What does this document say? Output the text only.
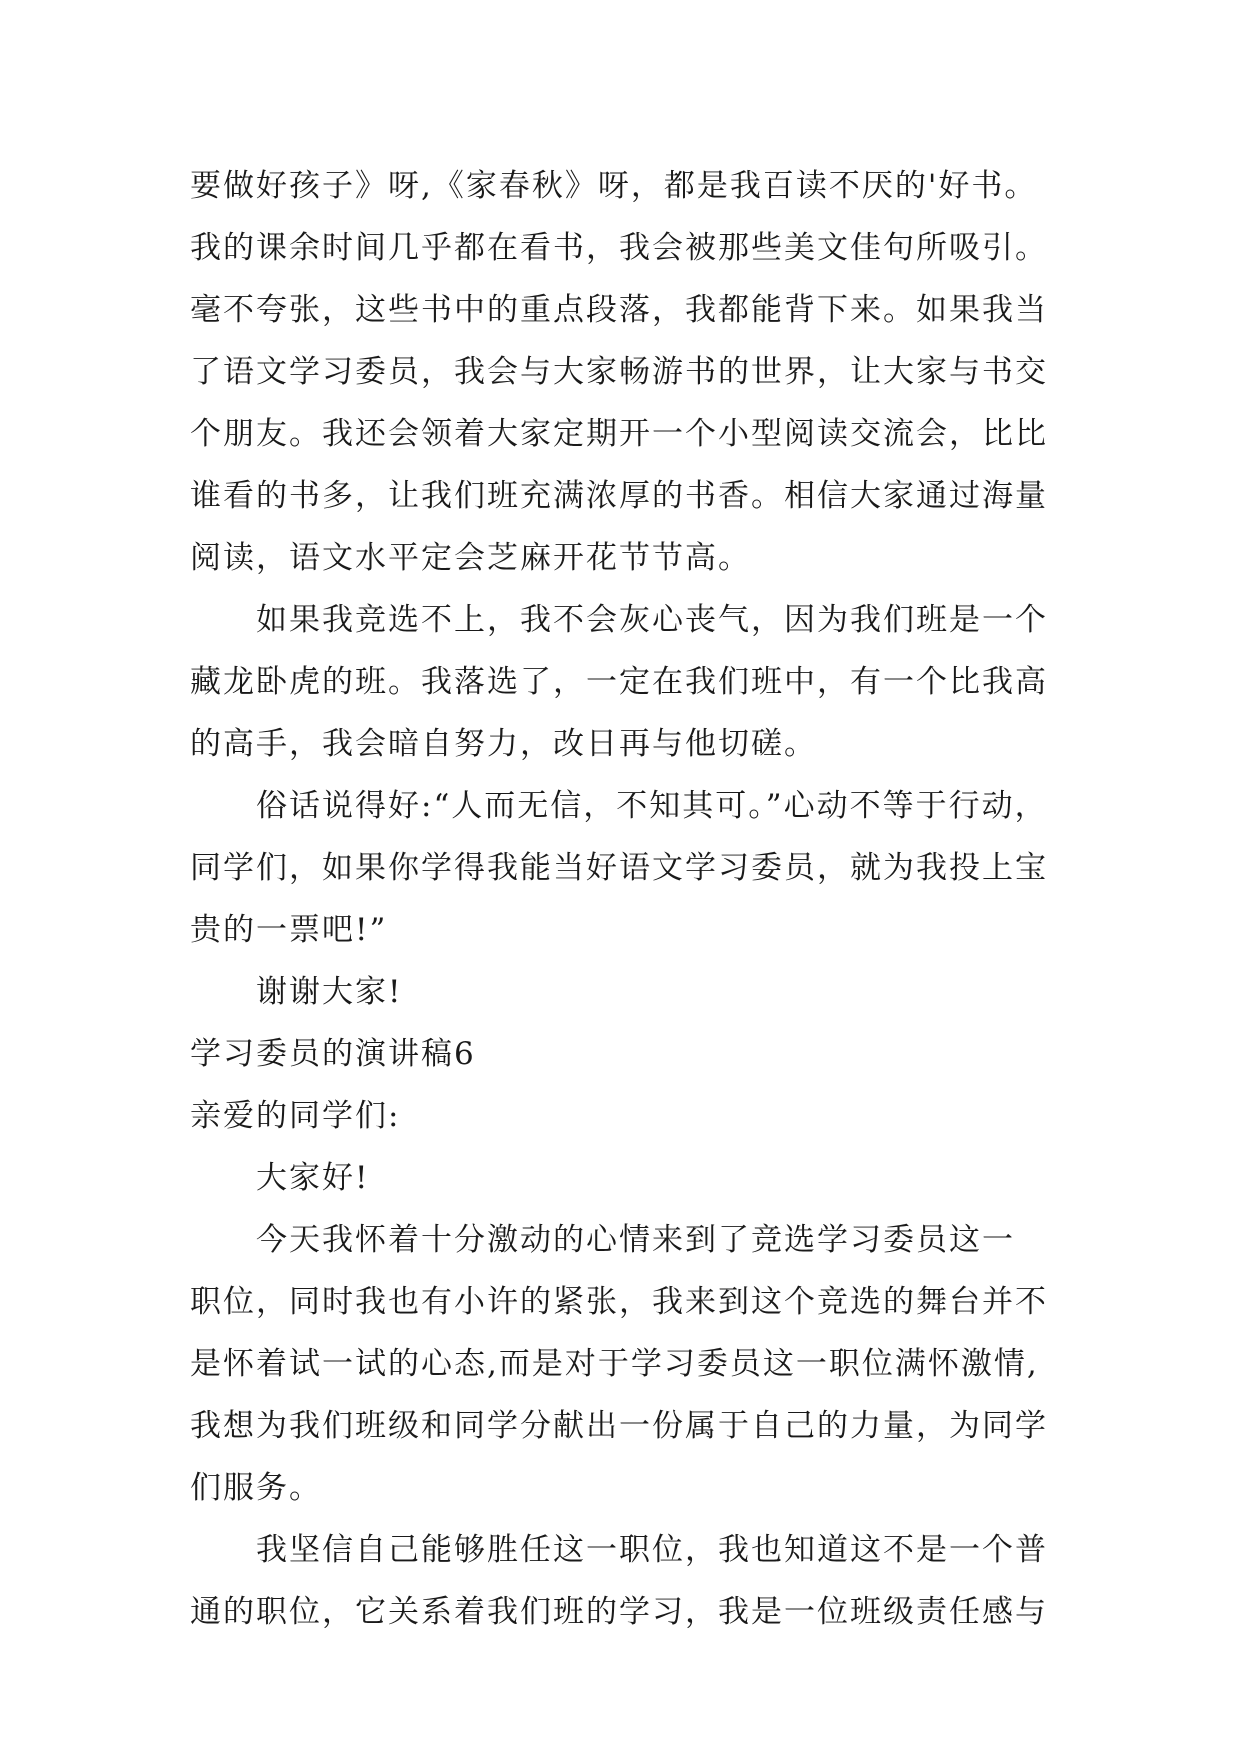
要做好孩子》呀,《家春秋》呀，都是我百读不厌的'好书。
我的课余时间几乎都在看书，我会被那些美文佳句所吸引。
毫不夸张，这些书中的重点段落，我都能背下来。如果我当
了语文学习委员，我会与大家畅游书的世界，让大家与书交
个朋友。我还会领着大家定期开一个小型阅读交流会，比比
谁看的书多，让我们班充满浓厚的书香。相信大家通过海量
阅读，语文水平定会芝麻开花节节高。
如果我竞选不上，我不会灰心丧气，因为我们班是一个
藏龙卧虎的班。我落选了，一定在我们班中，有一个比我高
的高手，我会暗自努力，改日再与他切磋。
俗话说得好:“人而无信，不知其可。”心动不等于行动，
同学们，如果你学得我能当好语文学习委员，就为我投上宝
贵的一票吧!”
谢谢大家!
学习委员的演讲稿6
亲爱的同学们:
大家好!
今天我怀着十分激动的心情来到了竞选学习委员这一
职位，同时我也有小许的紧张，我来到这个竞选的舞台并不
是怀着试一试的心态,而是对于学习委员这一职位满怀激情,
我想为我们班级和同学分献出一份属于自己的力量，为同学
们服务。
我坚信自己能够胜任这一职位，我也知道这不是一个普
通的职位，它关系着我们班的学习，我是一位班级责任感与
